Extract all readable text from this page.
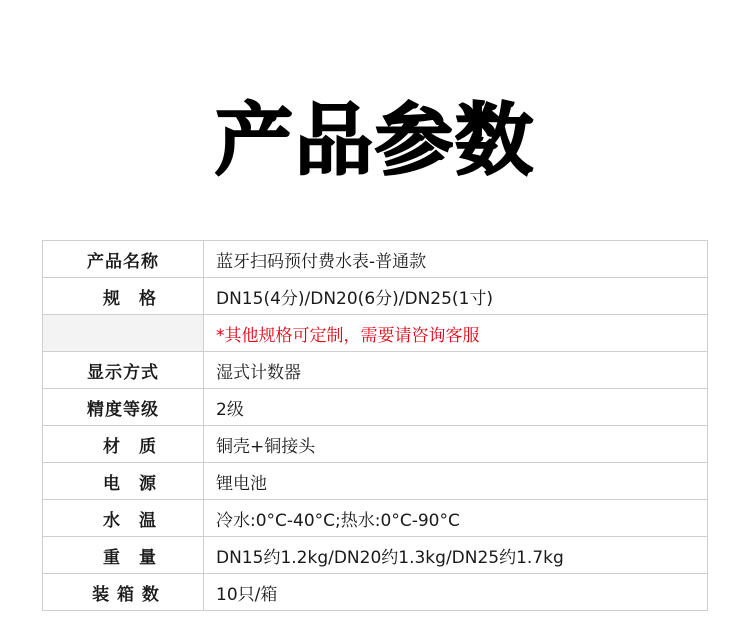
产品参数
产品名称	蓝牙扫码预付费水表-普通款
规　格	DN15(4分)/DN20(6分)/DN25(1寸)
	*其他规格可定制，需要请咨询客服
显示方式	湿式计数器
精度等级	2级
材　质	铜壳+铜接头
电　源	锂电池
水　温	冷水:0°C-40°C;热水:0°C-90°C
重　量	DN15约1.2kg/DN20约1.3kg/DN25约1.7kg
装 箱 数	10只/箱
